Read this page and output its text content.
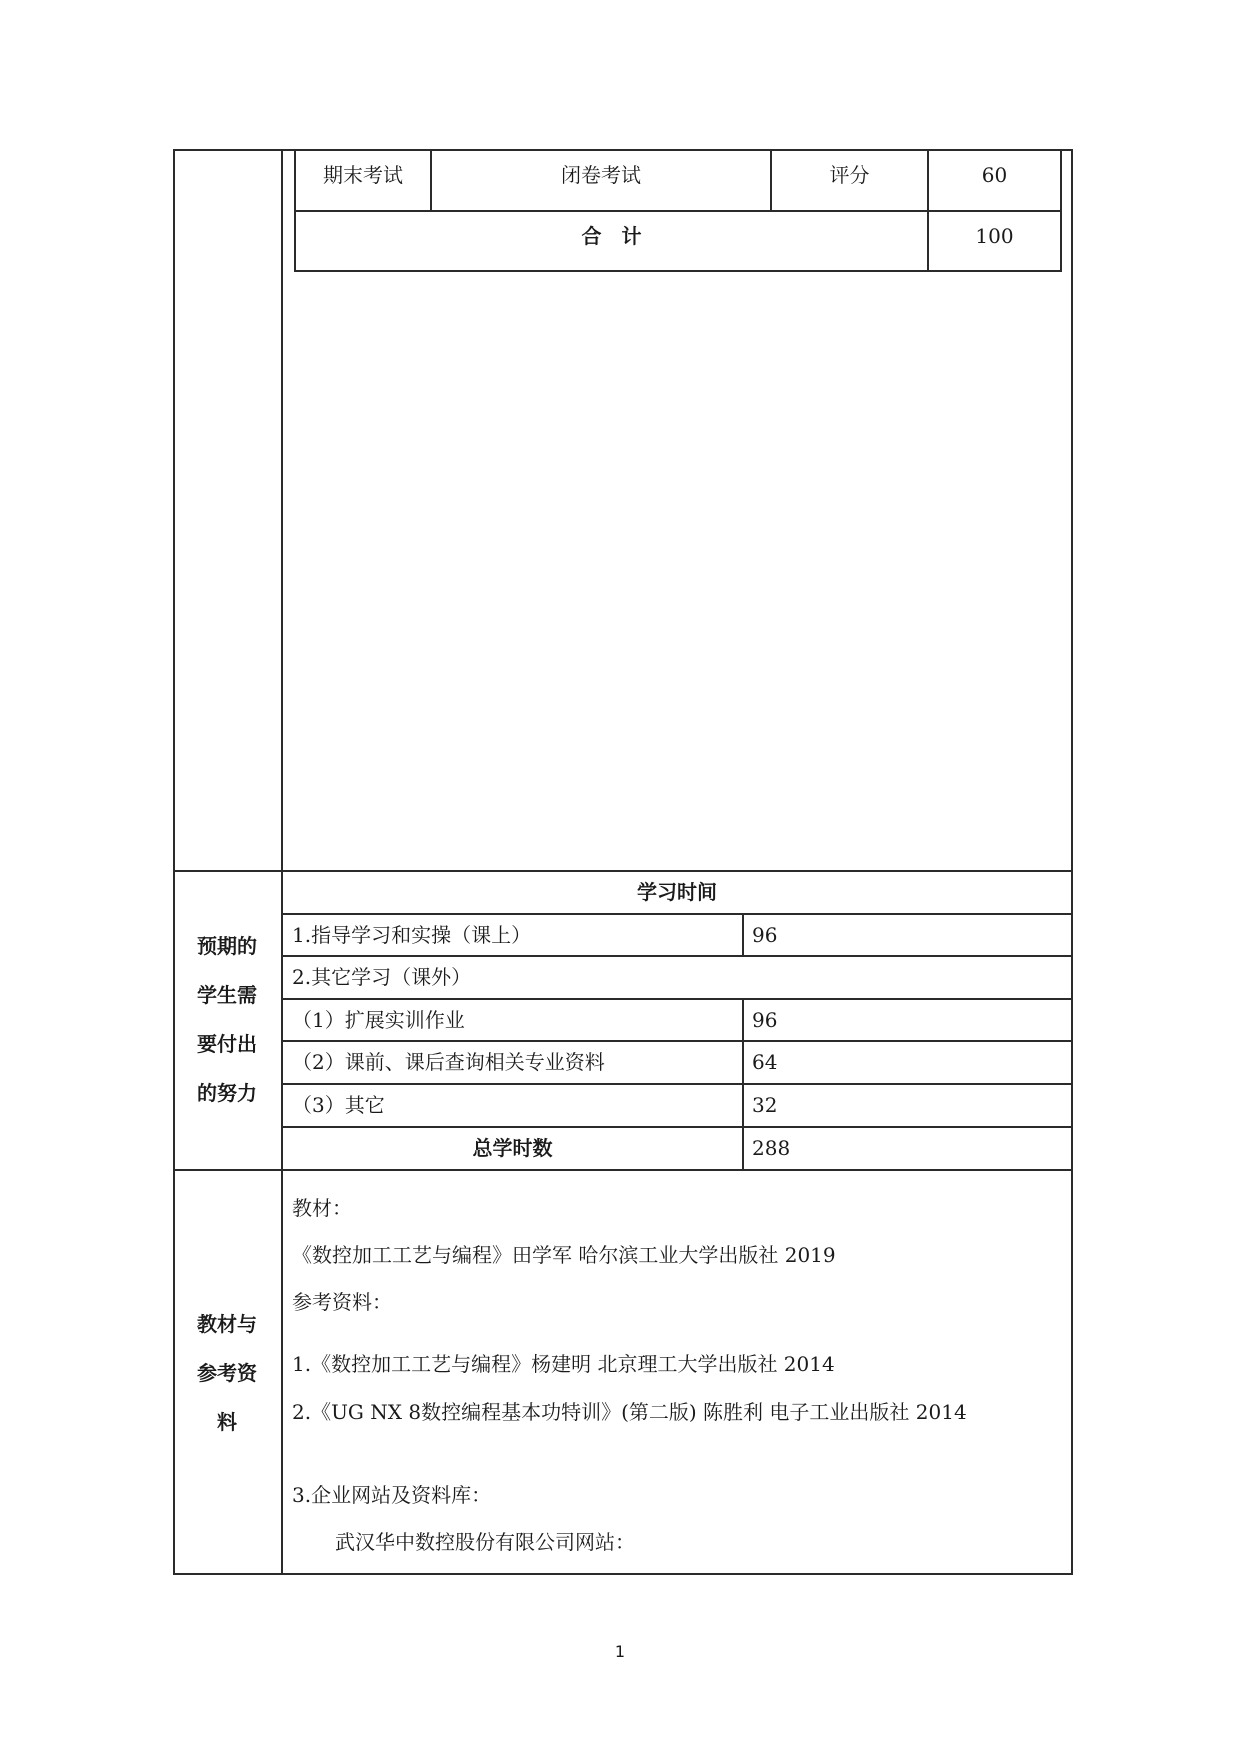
期末考试	闭卷考试	评分	60
合　计	100
预期的
学生需
要付出
的努力
学习时间
1.指导学习和实操（课上）	96
2.其它学习（课外）
（1）扩展实训作业	96
（2）课前、课后查询相关专业资料	64
（3）其它	32
总学时数	288
教材与
参考资
料
教材：
《数控加工工艺与编程》田学军 哈尔滨工业大学出版社 2019
参考资料：
1.《数控加工工艺与编程》杨建明 北京理工大学出版社 2014
2.《UG NX 8数控编程基本功特训》(第二版) 陈胜利 电子工业出版社 2014
3.企业网站及资料库：
武汉华中数控股份有限公司网站：
1
